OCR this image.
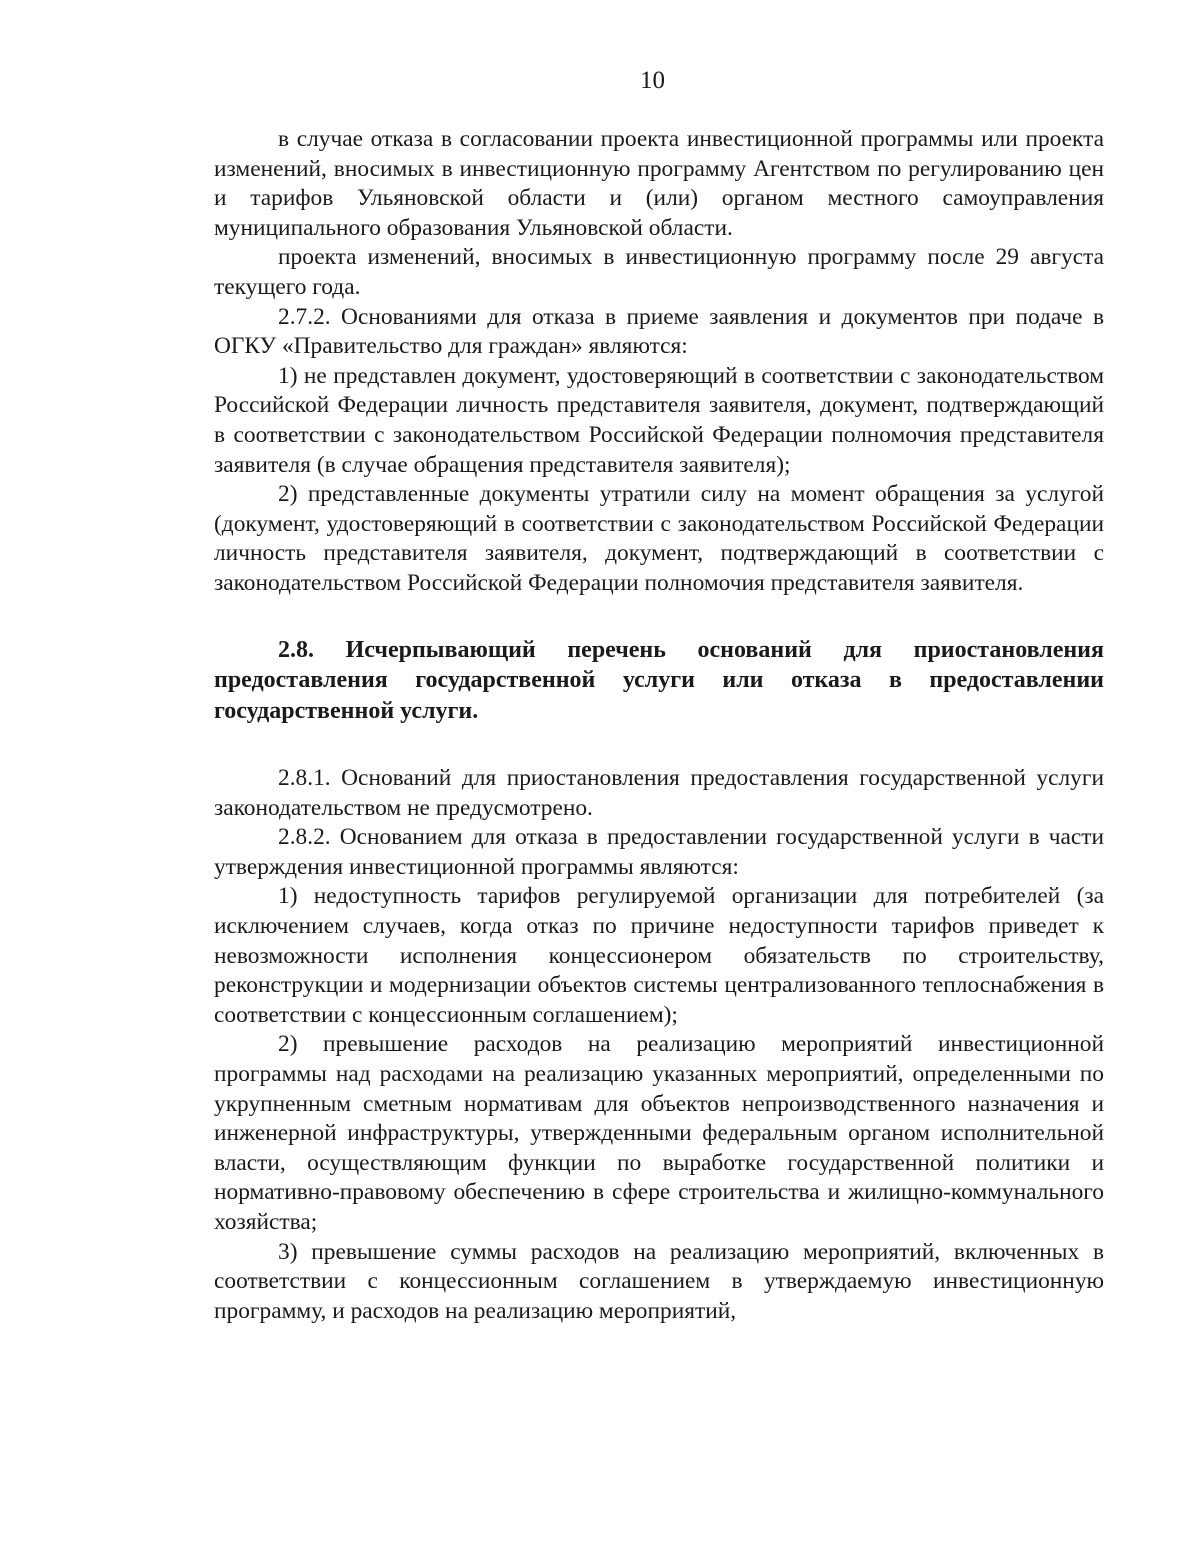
10

в случае отказа в согласовании проекта инвестиционной программы или проекта изменений, вносимых в инвестиционную программу Агентством по регулированию цен и тарифов Ульяновской области и (или) органом местного самоуправления муниципального образования Ульяновской области.

проекта изменений, вносимых в инвестиционную программу после 29 августа текущего года.

2.7.2. Основаниями для отказа в приеме заявления и документов при подаче в ОГКУ «Правительство для граждан» являются:

1) не представлен документ, удостоверяющий в соответствии с законодательством Российской Федерации личность представителя заявителя, документ, подтверждающий в соответствии с законодательством Российской Федерации полномочия представителя заявителя (в случае обращения представителя заявителя);

2) представленные документы утратили силу на момент обращения за услугой (документ, удостоверяющий в соответствии с законодательством Российской Федерации личность представителя заявителя, документ, подтверждающий в соответствии с законодательством Российской Федерации полномочия представителя заявителя.

2.8. Исчерпывающий перечень оснований для приостановления предоставления государственной услуги или отказа в предоставлении государственной услуги.

2.8.1. Оснований для приостановления предоставления государственной услуги законодательством не предусмотрено.

2.8.2. Основанием для отказа в предоставлении государственной услуги в части утверждения инвестиционной программы являются:

1) недоступность тарифов регулируемой организации для потребителей (за исключением случаев, когда отказ по причине недоступности тарифов приведет к невозможности исполнения концессионером обязательств по строительству, реконструкции и модернизации объектов системы централизованного теплоснабжения в соответствии с концессионным соглашением);

2) превышение расходов на реализацию мероприятий инвестиционной программы над расходами на реализацию указанных мероприятий, определенными по укрупненным сметным нормативам для объектов непроизводственного назначения и инженерной инфраструктуры, утвержденными федеральным органом исполнительной власти, осуществляющим функции по выработке государственной политики и нормативно-правовому обеспечению в сфере строительства и жилищно-коммунального хозяйства;

3) превышение суммы расходов на реализацию мероприятий, включенных в соответствии с концессионным соглашением в утверждаемую инвестиционную программу, и расходов на реализацию мероприятий,
